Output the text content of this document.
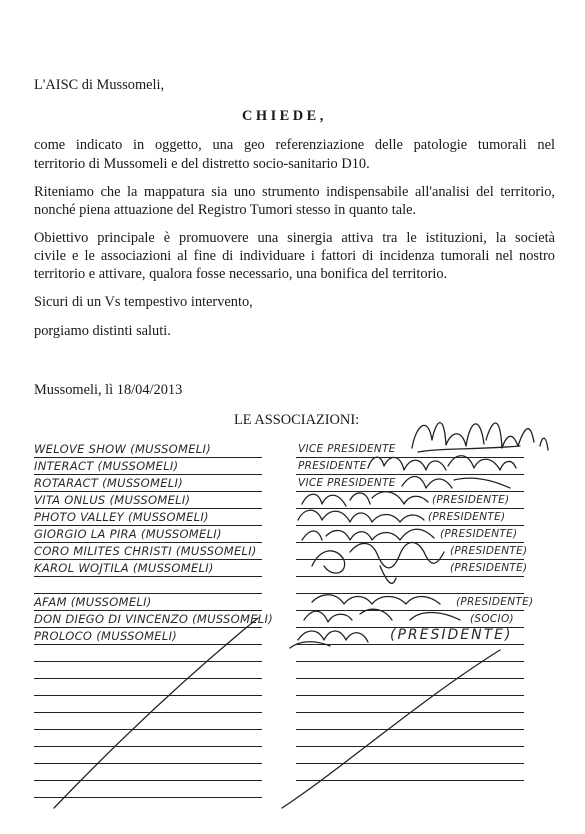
L'AISC di Mussomeli,
CHIEDE,
come indicato in oggetto, una geo referenziazione delle patologie tumorali nel
territorio di Mussomeli e del distretto socio-sanitario D10.
Riteniamo che la mappatura sia uno strumento indispensabile all'analisi del territorio,
nonché piena attuazione del Registro Tumori stesso in quanto tale.
Obiettivo principale è promuovere una sinergia attiva tra le istituzioni, la società
civile e le associazioni al fine di individuare i fattori di incidenza tumorali nel nostro
territorio e attivare, qualora fosse necessario, una bonifica del territorio.
Sicuri di un Vs tempestivo intervento,
porgiamo distinti saluti.
Mussomeli, lì 18/04/2013
LE ASSOCIAZIONI:
WELOVE SHOW (MUSSOMELI)
INTERACT (MUSSOMELI)
ROTARACT (MUSSOMELI)
VITA ONLUS (MUSSOMELI)
PHOTO VALLEY (MUSSOMELI)
GIORGIO LA PIRA (MUSSOMELI)
CORO MILITES CHRISTI (MUSSOMELI)
KAROL WOJTILA (MUSSOMELI)
AFAM (MUSSOMELI)
DON DIEGO DI VINCENZO (MUSSOMELI)
PROLOCO (MUSSOMELI)
VICE PRESIDENTE
PRESIDENTE
VICE PRESIDENTE
(PRESIDENTE)
(PRESIDENTE)
(PRESIDENTE)
(PRESIDENTE)
(PRESIDENTE)
(PRESIDENTE)
(SOCIO)
(PRESIDENTE)
